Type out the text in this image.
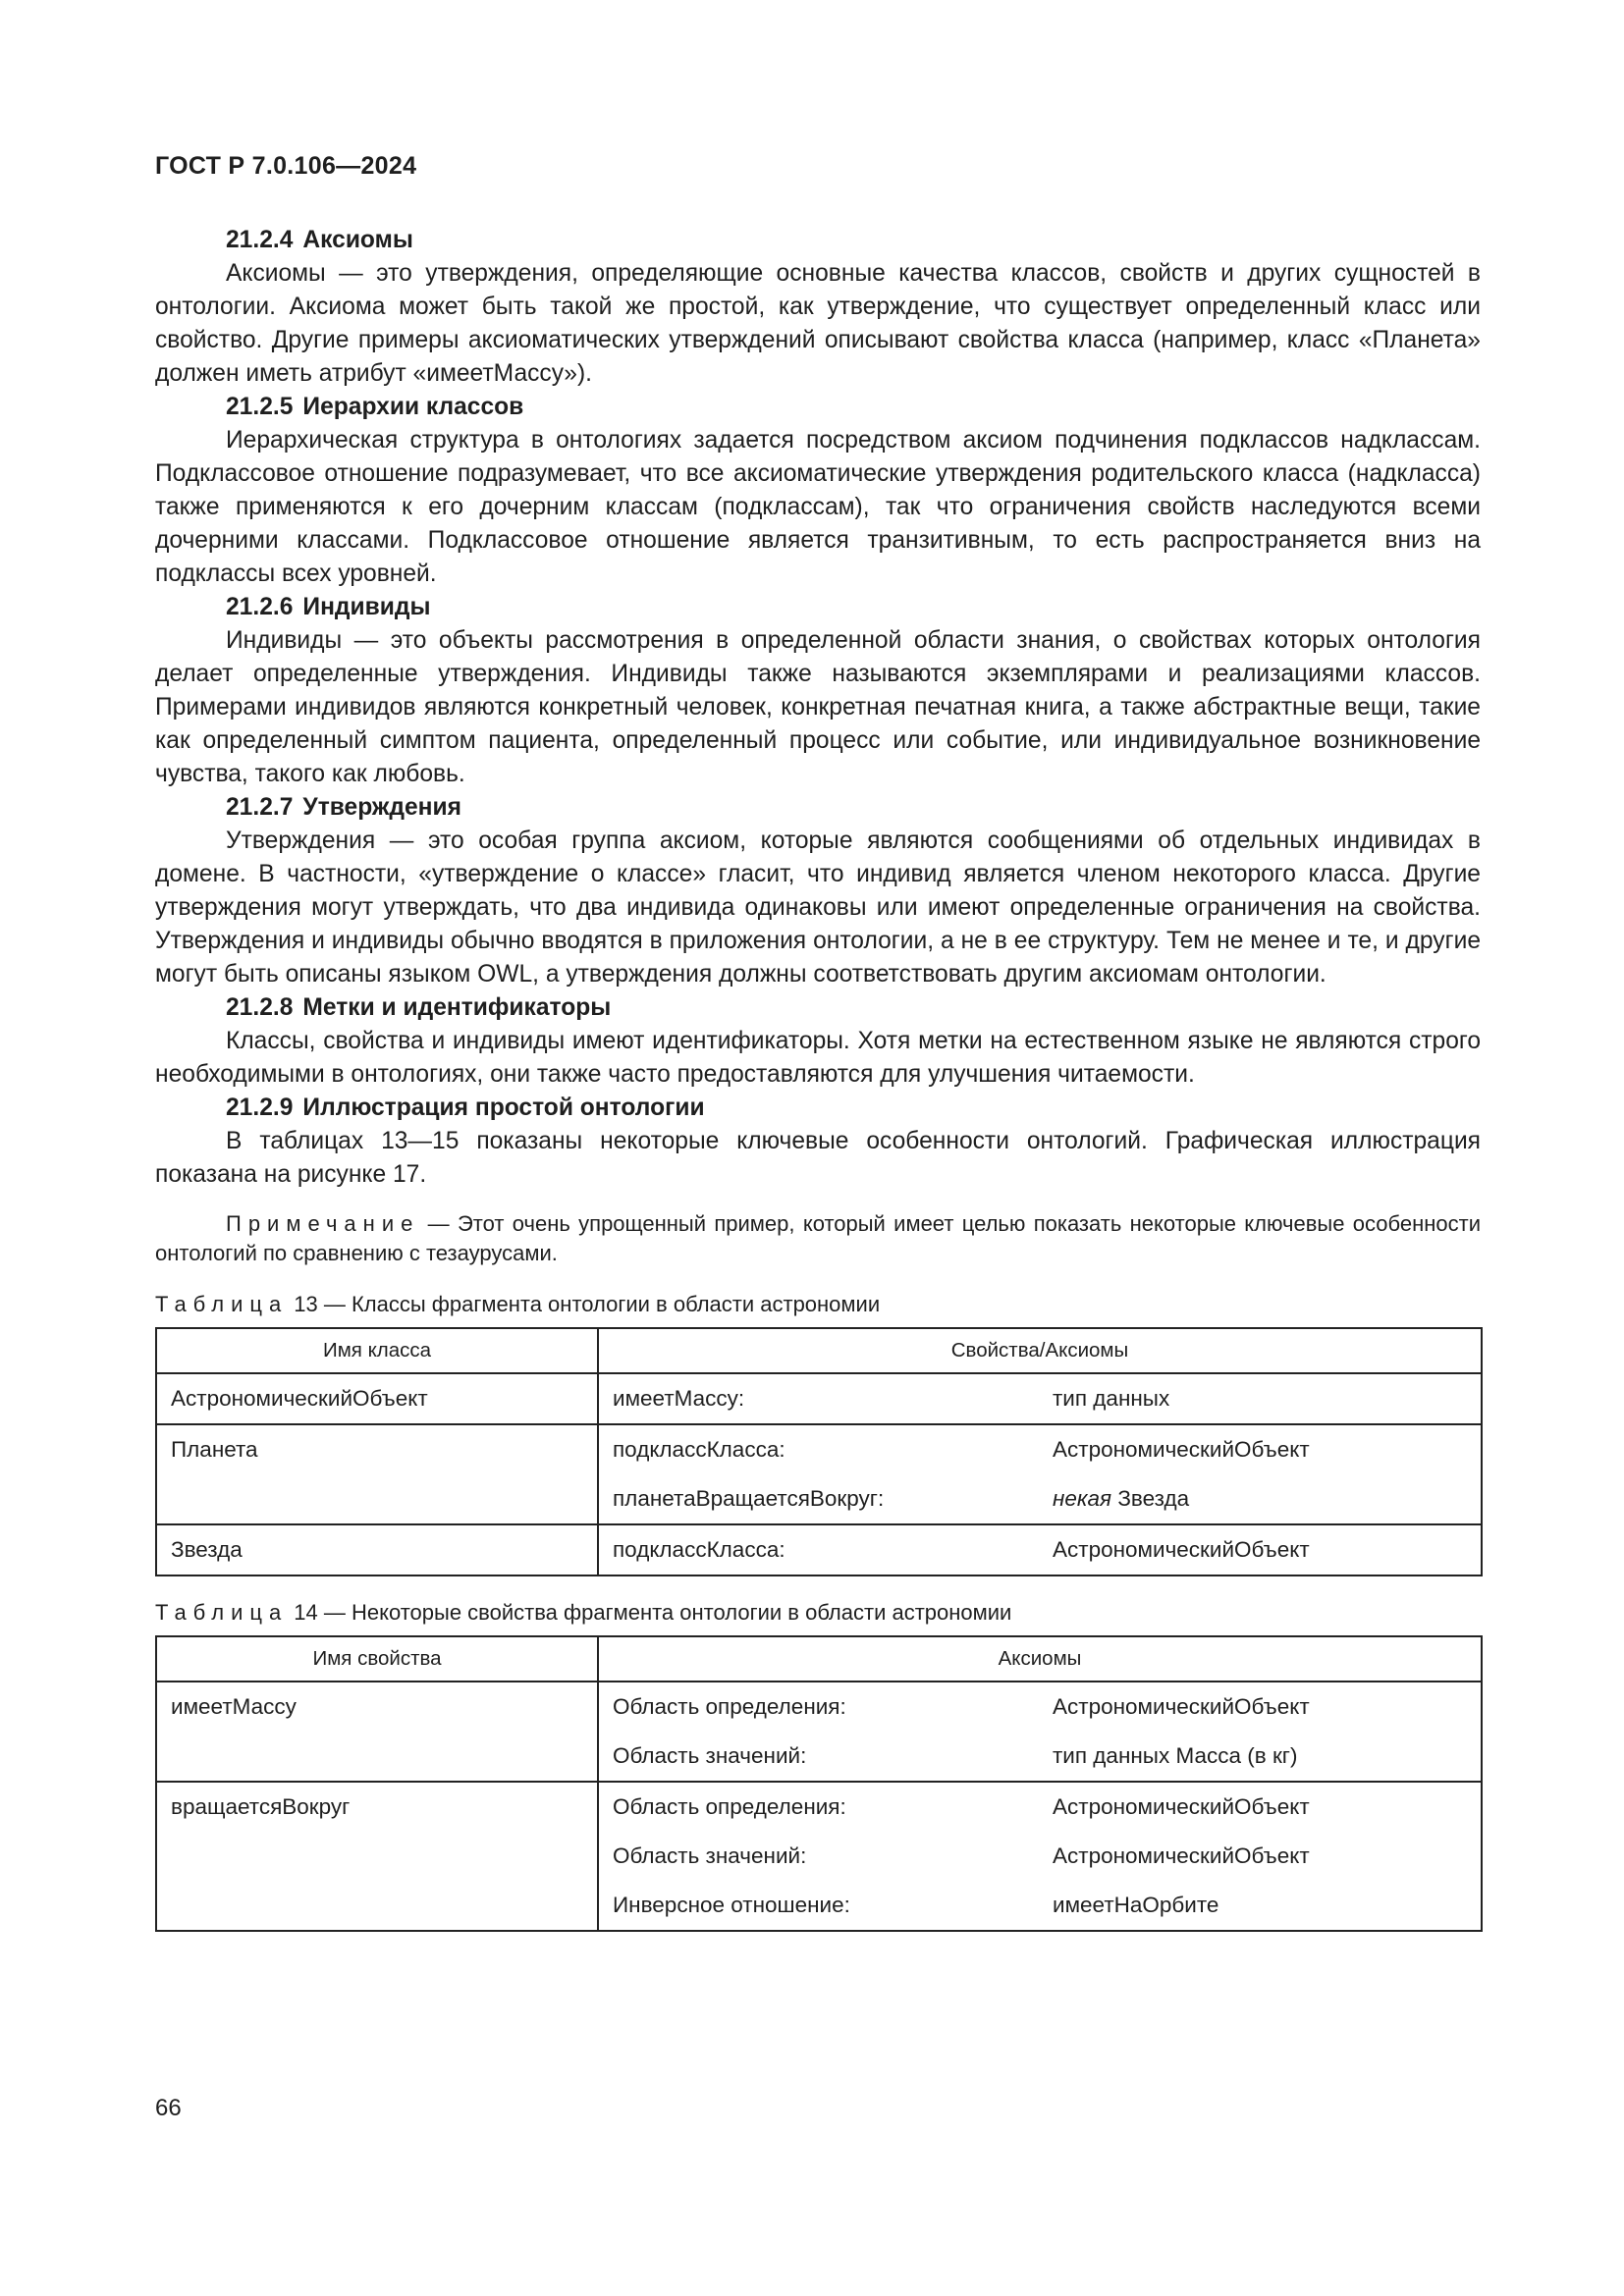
ГОСТ Р 7.0.106—2024
21.2.4 Аксиомы

Аксиомы — это утверждения, определяющие основные качества классов, свойств и других сущностей в онтологии. Аксиома может быть такой же простой, как утверждение, что существует определенный класс или свойство. Другие примеры аксиоматических утверждений описывают свойства класса (например, класс «Планета» должен иметь атрибут «имеетМассу»).

21.2.5 Иерархии классов

Иерархическая структура в онтологиях задается посредством аксиом подчинения подклассов надклассам. Подклассовое отношение подразумевает, что все аксиоматические утверждения родительского класса (надкласса) также применяются к его дочерним классам (подклассам), так что ограничения свойств наследуются всеми дочерними классами. Подклассовое отношение является транзитивным, то есть распространяется вниз на подклассы всех уровней.

21.2.6 Индивиды

Индивиды — это объекты рассмотрения в определенной области знания, о свойствах которых онтология делает определенные утверждения. Индивиды также называются экземплярами и реализациями классов. Примерами индивидов являются конкретный человек, конкретная печатная книга, а также абстрактные вещи, такие как определенный симптом пациента, определенный процесс или событие, или индивидуальное возникновение чувства, такого как любовь.

21.2.7 Утверждения

Утверждения — это особая группа аксиом, которые являются сообщениями об отдельных индивидах в домене. В частности, «утверждение о классе» гласит, что индивид является членом некоторого класса. Другие утверждения могут утверждать, что два индивида одинаковы или имеют определенные ограничения на свойства. Утверждения и индивиды обычно вводятся в приложения онтологии, а не в ее структуру. Тем не менее и те, и другие могут быть описаны языком OWL, а утверждения должны соответствовать другим аксиомам онтологии.

21.2.8 Метки и идентификаторы

Классы, свойства и индивиды имеют идентификаторы. Хотя метки на естественном языке не являются строго необходимыми в онтологиях, они также часто предоставляются для улучшения читаемости.

21.2.9 Иллюстрация простой онтологии

В таблицах 13—15 показаны некоторые ключевые особенности онтологий. Графическая иллюстрация показана на рисунке 17.

Примечание — Этот очень упрощенный пример, который имеет целью показать некоторые ключевые особенности онтологий по сравнению с тезаурусами.
Таблица 13 — Классы фрагмента онтологии в области астрономии
Имя класса	Свойства/Аксиомы	
АстрономическийОбъект	имеетМассу:	тип данных
Планета	подклассКласса:	АстрономическийОбъект
	планетаВращаетсяВокруг:	некая Звезда
Звезда	подклассКласса:	АстрономическийОбъект
Таблица 14 — Некоторые свойства фрагмента онтологии в области астрономии
Имя свойства	Аксиомы	
имеетМассу	Область определения:	АстрономическийОбъект
	Область значений:	тип данных Масса (в кг)
вращаетсяВокруг	Область определения:	АстрономическийОбъект
	Область значений:	АстрономическийОбъект
	Инверсное отношение:	имеетНаОрбите
66
